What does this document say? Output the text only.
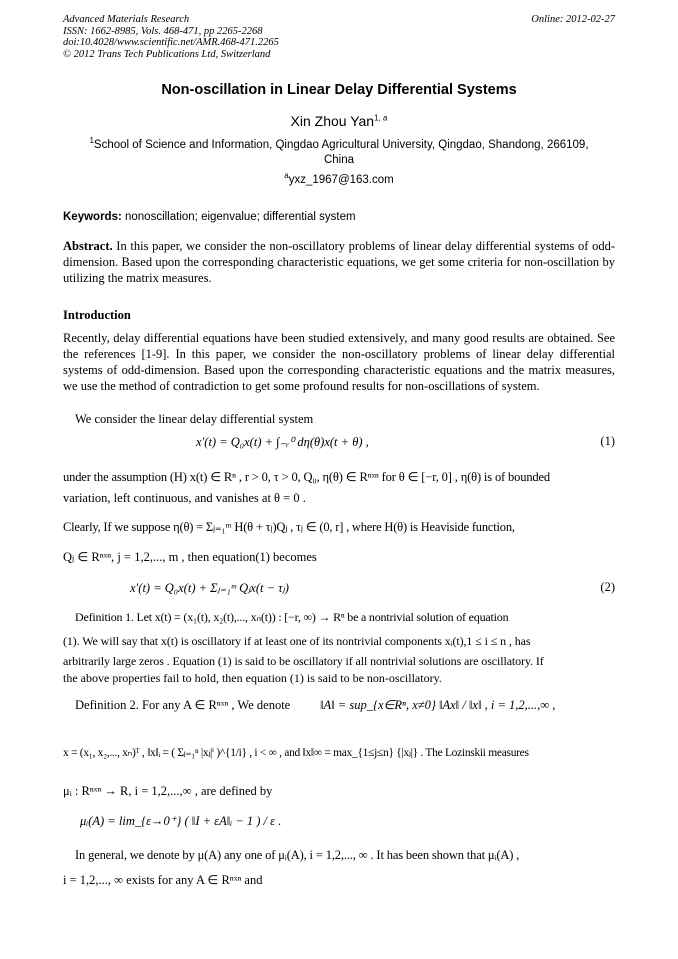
Advanced Materials Research
ISSN: 1662-8985, Vols. 468-471, pp 2265-2268
doi:10.4028/www.scientific.net/AMR.468-471.2265
© 2012 Trans Tech Publications Ltd, Switzerland
Online: 2012-02-27
Non-oscillation in Linear Delay Differential Systems
Xin Zhou Yan$^{1, a}$
$^1$School of Science and Information, Qingdao Agricultural University, Qingdao, Shandong, 266109,
China
$^a$yxz_1967@163.com
Keywords: nonoscillation; eigenvalue; differential system
Abstract. In this paper, we consider the non-oscillatory problems of linear delay differential systems of odd-dimension. Based upon the corresponding characteristic equations, we get some criteria for non-oscillation by utilizing the matrix measures.
Introduction
Recently, delay differential equations have been studied extensively, and many good results are obtained. See the references [1-9]. In this paper, we consider the non-oscillatory problems of linear delay differential systems of odd-dimension. Based upon the corresponding characteristic equations and the matrix measures, we use the method of contradiction to get some profound results for non-oscillations of system.
We consider the linear delay differential system
x′(t) = Q₀x(t) + ∫₋ᵣ⁰ dη(θ)x(t + θ) ,	(1)
under the assumption (H) x(t) ∈ Rⁿ , r > 0, τ > 0, Q₀, η(θ) ∈ Rⁿˣⁿ for θ ∈ [−r, 0] , η(θ) is of bounded
variation, left continuous, and vanishes at θ = 0 .
Clearly, If we suppose η(θ) = Σⱼ₌₁ᵐ H(θ + τⱼ)Qⱼ , τⱼ ∈ (0, r] , where H(θ) is Heaviside function,
Qⱼ ∈ Rⁿˣⁿ, j = 1,2,..., m , then equation(1) becomes
x′(t) = Q₀x(t) + Σⱼ₌₁ᵐ Qⱼx(t − τⱼ)	(2)
Definition 1. Let x(t) = (x₁(t), x₂(t),..., xₙ(t)) : [−r, ∞) → Rⁿ be a nontrivial solution of equation
(1). We will say that x(t) is oscillatory if at least one of its nontrivial components xᵢ(t),1 ≤ i ≤ n , has
arbitrarily large zeros . Equation (1) is said to be oscillatory if all nontrivial solutions are oscillatory. If
the above properties fail to hold, then equation (1) is said to be non-oscillatory.
Definition 2. For any A ∈ Rⁿˣⁿ , We denote	‖A‖ = sup_{x∈Rⁿ, x≠0} ‖Ax‖ / ‖x‖ , i = 1,2,...,∞ ,
x = (x₁, x₂,..., xₙ)ᵀ , ‖x‖ᵢ = ( Σⱼ₌₁ⁿ |xⱼ|ⁱ )^{1/i} , i < ∞ , and ‖x‖∞ = max_{1≤j≤n} {|xⱼ|} . The Lozinskii measures
μᵢ : Rⁿˣⁿ → R, i = 1,2,...,∞ , are defined by
μᵢ(A) = lim_{ε→0⁺} ( ‖I + εA‖ᵢ − 1 ) / ε .
In general, we denote by μ(A) any one of μᵢ(A), i = 1,2,..., ∞ . It has been shown that μᵢ(A) ,
i = 1,2,..., ∞ exists for any A ∈ Rⁿˣⁿ and
